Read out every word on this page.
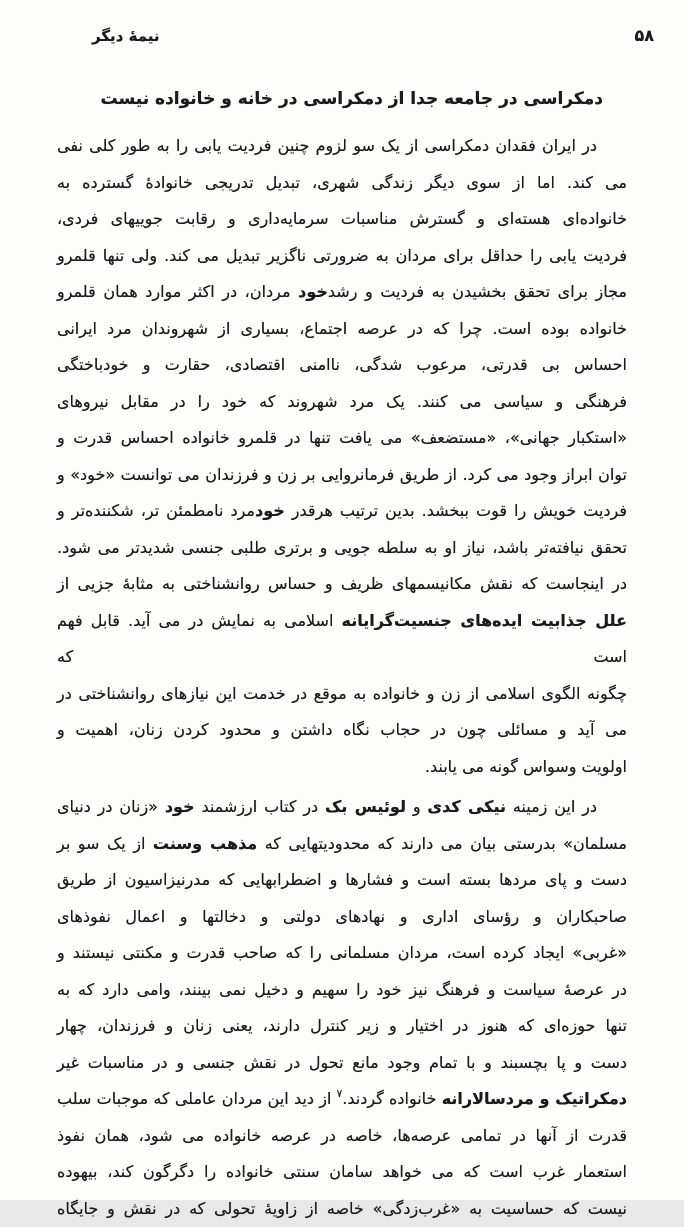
۵۸
نیمهٔ دیگر
دمکراسی در جامعه جدا از دمکراسی در خانه و خانواده نیست
در ایران فقدان دمکراسی از یک سو لزوم چنین فردیت یابی را به طور کلی نفی
می کند. اما از سوی دیگر زندگی شهری، تبدیل تدریجی خانوادهٔ گسترده به
خانواده‌ای هسته‌ای و گسترش مناسبات سرمایه‌داری و رقابت جوییهای فردی،
فردیت یابی را حداقل برای مردان به ضرورتی ناگزیر تبدیل می کند. ولی تنها قلمرو
مجاز برای تحقق بخشیدن به فردیت و رشدخود مردان، در اکثر موارد همان قلمرو
خانواده بوده است. چرا که در عرصه اجتماع، بسیاری از شهروندان مرد ایرانی
احساس بی قدرتی، مرعوب شدگی، ناامنی اقتصادی، حقارت و خودباختگی
فرهنگی و سیاسی می کنند. یک مرد شهروند که خود را در مقابل نیروهای
«استکبار جهانی»، «مستضعف» می یافت تنها در قلمرو خانواده احساس قدرت و
توان ابراز وجود می کرد. از طریق فرمانروایی بر زن و فرزندان می توانست «خود» و
فردیت خویش را قوت ببخشد. بدین ترتیب هرقدر خودمرد نامطمئن تر، شکننده‌تر و
تحقق نیافته‌تر باشد، نیاز او به سلطه جویی و برتری طلبی جنسی شدیدتر می شود.
در اینجاست که نقش مکانیسمهای ظریف و حساس روانشناختی به مثابهٔ جزیی از
علل جذابیت ایده‌های جنسیت‌گرایانه اسلامی به نمایش در می آید. قابل فهم است که
چگونه الگوی اسلامی از زن و خانواده به موقع در خدمت این نیازهای روانشناختی در
می آید و مسائلی چون در حجاب نگاه داشتن و محدود کردن زنان، اهمیت و
اولویت وسواس گونه می یابند.
در این زمینه نیکی کدی و لوئیس بک در کتاب ارزشمند خود «زنان در دنیای
مسلمان» بدرستی بیان می دارند که محدودیتهایی که مذهب وسنت از یک سو بر
دست و پای مردها بسته است و فشارها و اضطرابهایی که مدرنیزاسیون از طریق
صاحبکاران و رؤسای اداری و نهادهای دولتی و دخالتها و اعمال نفوذهای
«غربی» ایجاد کرده است، مردان مسلمانی را که صاحب قدرت و مکنتی نیستند و
در عرصهٔ سیاست و فرهنگ نیز خود را سهیم و دخیل نمی بینند، وامی دارد که به
تنها حوزه‌ای که هنوز در اختیار و زیر کنترل دارند، یعنی زنان و فرزندان، چهار
دست و پا بچسبند و با تمام وجود مانع تحول در نقش جنسی و در مناسبات غیر
دمکراتیک و مردسالارانه خانواده گردند.$^۷$ از دید این مردان عاملی که موجبات سلب
قدرت از آنها در تمامی عرصه‌ها، خاصه در عرصه خانواده می شود، همان نفوذ
استعمار غرب است که می خواهد سامان سنتی خانواده را دگرگون کند، بیهوده
نیست که حساسیت به «غرب‌زدگی» خاصه از زاویهٔ تحولی که در نقش و جایگاه
